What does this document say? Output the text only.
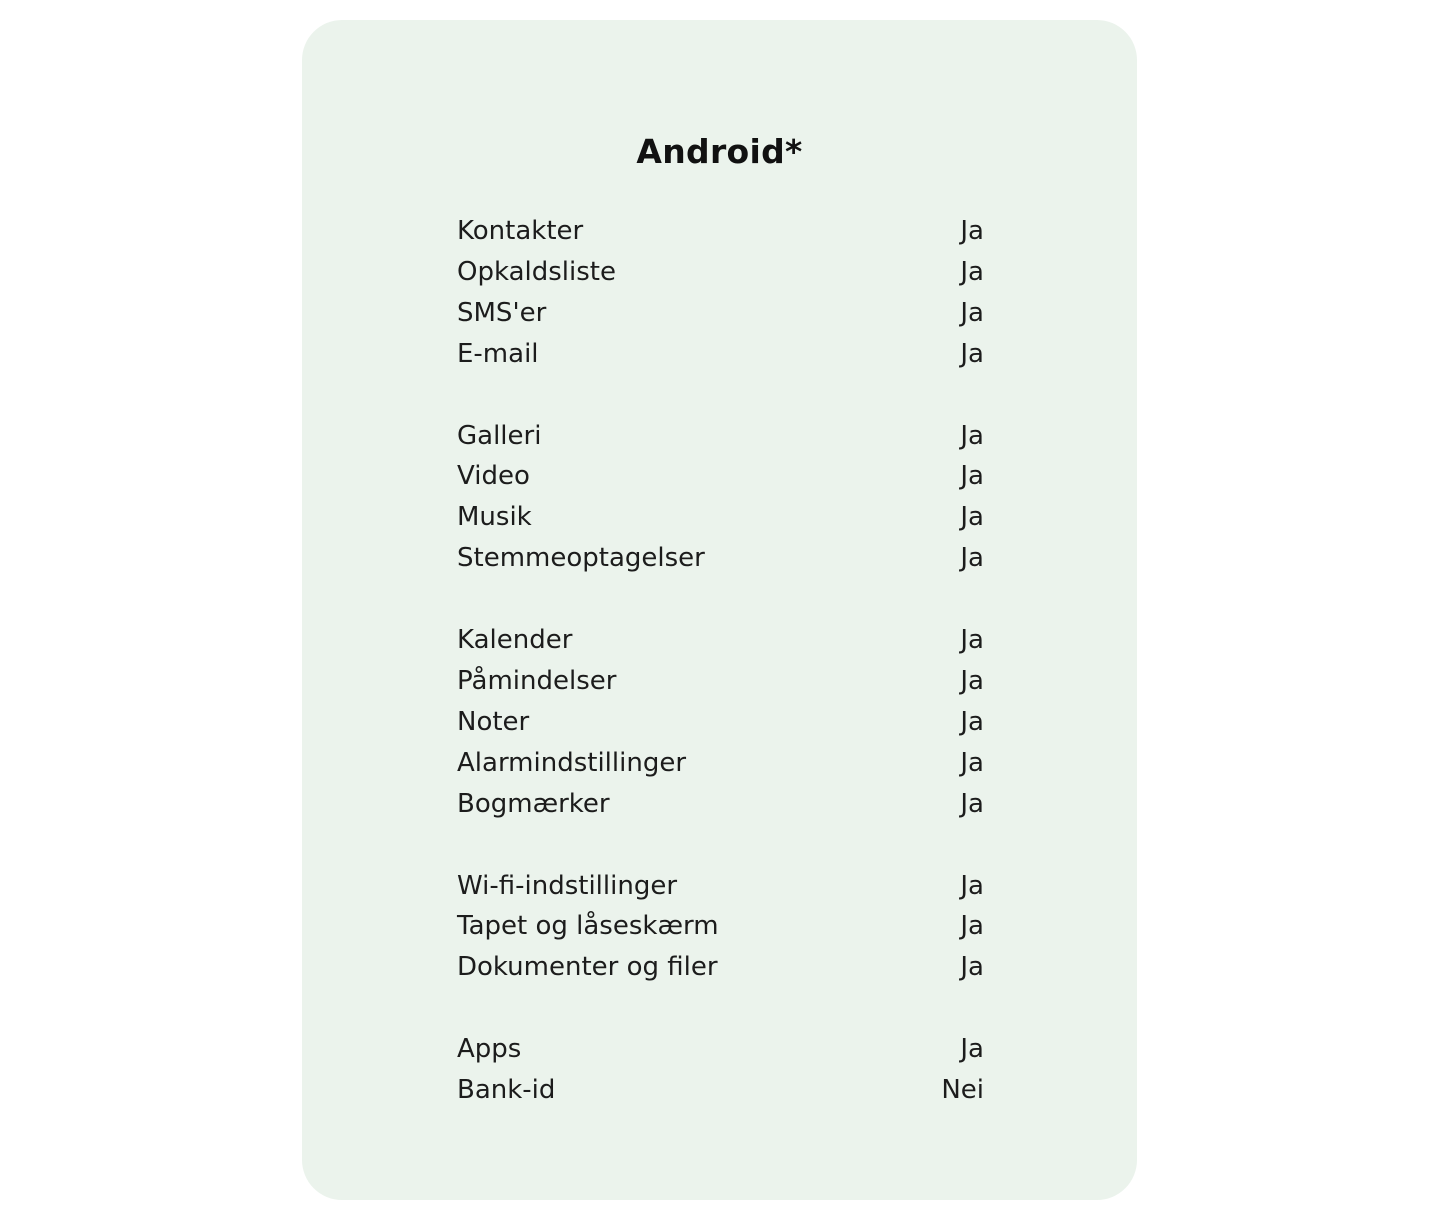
Android*
Kontakter	Ja
Opkaldsliste	Ja
SMS'er	Ja
E-mail	Ja
Galleri	Ja
Video	Ja
Musik	Ja
Stemmeoptagelser	Ja
Kalender	Ja
Påmindelser	Ja
Noter	Ja
Alarmindstillinger	Ja
Bogmærker	Ja
Wi-fi-indstillinger	Ja
Tapet og låseskærm	Ja
Dokumenter og filer	Ja
Apps	Ja
Bank-id	Nei
